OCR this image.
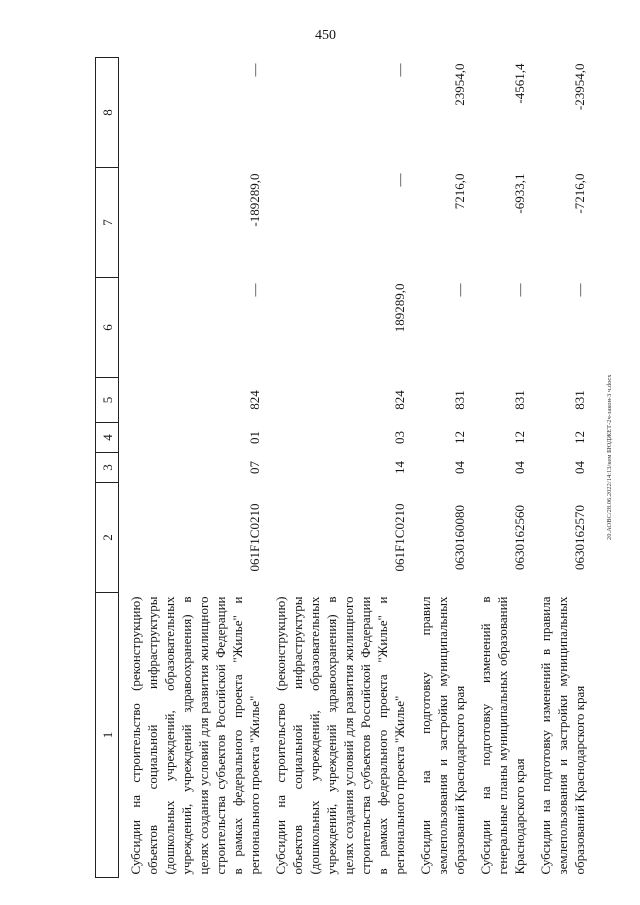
450
20.АОВС/28.06.2022/14:13/кем БЮДЖЕТ-2ч-закон-3 ч.docx
1	2	3	4	5	6	7	8
Субсидии на строительство (реконструкцию) объектов социальной инфраструктуры (дошкольных учреждений, образовательных учреждений, учреждений здравоохранения) в целях создания условий для развития жилищного строительства субъектов Российской Федерации в рамках федерального проекта "Жилье" и регионального проекта "Жилье"	061F1C0210	07	01	824	—	-189289,0	—
Субсидии на строительство (реконструкцию) объектов социальной инфраструктуры (дошкольных учреждений, образовательных учреждений, учреждений здравоохранения) в целях создания условий для развития жилищного строительства субъектов Российской Федерации в рамках федерального проекта "Жилье" и регионального проекта "Жилье"	061F1C0210	14	03	824	189289,0	—	—
Субсидии на подготовку правил землепользования и застройки муниципальных образований Краснодарского края	0630160080	04	12	831	—	7216,0	23954,0
Субсидии на подготовку изменений в генеральные планы муниципальных образований Краснодарского края	0630162560	04	12	831	—	-6933,1	-4561,4
Субсидии на подготовку изменений в правила землепользования и застройки муниципальных образований Краснодарского края	0630162570	04	12	831	—	-7216,0	-23954,0
